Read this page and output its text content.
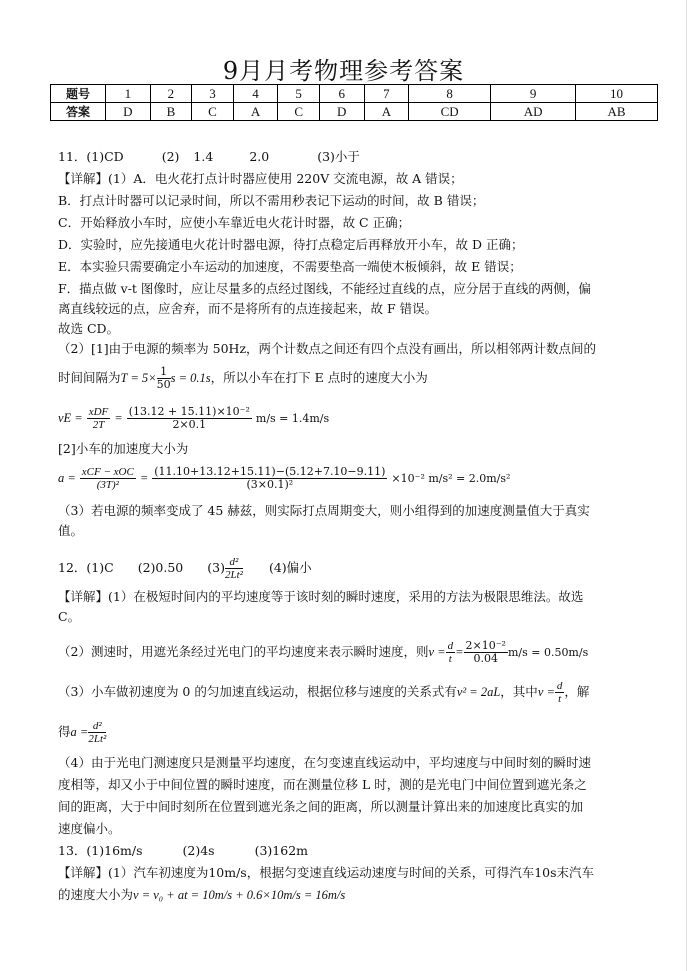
9月月考物理参考答案
题号	1	2	3	4	5	6	7	8	9	10
答案	D	B	C	A	C	D	A	CD	AD	AB
11．(1)CD	(2) 1.4	2.0	(3)小于
【详解】(1）A．电火花打点计时器应使用 220V 交流电源，故 A 错误；
B．打点计时器可以记录时间，所以不需用秒表记下运动的时间，故 B 错误；
C．开始释放小车时，应使小车靠近电火花计时器，故 C 正确；
D．实验时，应先接通电火花计时器电源，待打点稳定后再释放开小车，故 D 正确；
E．本实验只需要确定小车运动的加速度，不需要垫高一端使木板倾斜，故 E 错误；
F．描点做 v-t 图像时，应让尽量多的点经过图线，不能经过直线的点，应分居于直线的两侧，偏
离直线较远的点，应舍弃，而不是将所有的点连接起来，故 F 错误。
故选 CD。
（2）[1]由于电源的频率为 50Hz，两个计数点之间还有四个点没有画出，所以相邻两计数点间的
时间间隔为$T = 5\times \frac{1}{50}$ s = 0.1s，所以小车在打下 E 点时的速度大小为
vE = $\frac{\text{xDF}}{2T} = \frac{\text{(13.12 + 15.11)×10⁻²}}{2\times 0.1} m/s = 1.4m/s$
[2]小车的加速度大小为
$a = \frac{\text{xCF − xOC}}{\text{(3T)²}} = \frac{(11.10+13.12+15.11)-(5.12+7.10-9.11)}{\text{(3×0.1)²}} \times 10^{-2}$ m/s² = 2.0m/s²
（3）若电源的频率变成了 45 赫兹，则实际打点周期变大，则小组得到的加速度测量值大于真实
值。
12．(1)C (2)0.50 $(3) \frac{\text{d²}}{\text{2Lt²}} (4)$偏小
【详解】(1）在极短时间内的平均速度等于该时刻的瞬时速度，采用的方法为极限思维法。故选
C。
（2）测速时，用遮光条经过光电门的平均速度来表示瞬时速度，则$v = \frac{d}{t} = \frac{\text{2×10⁻²}}{0.04} m/s = 0.50m/s$
（3）小车做初速度为 0 的匀加速直线运动，根据位移与速度的关系式有v² = 2aL，其中$v = \frac{d}{t}$ ，解
得$a = \frac{\text{d²}}{\text{2Lt²}}$
（4）由于光电门测速度只是测量平均速度，在匀变速直线运动中，平均速度与中间时刻的瞬时速
度相等，却又小于中间位置的瞬时速度，而在测量位移 L 时，测的是光电门中间位置到遮光条之
间的距离，大于中间时刻所在位置到遮光条之间的距离，所以测量计算出来的加速度比真实的加
速度偏小。
13．(1)16m/s	(2)4s	(3)162m
【详解】(1）汽车初速度为10m/s，根据匀变速直线运动速度与时间的关系，可得汽车10s末汽车
的速度大小为v = v₀ + at = 10m/s + 0.6×10m/s = 16m/s
